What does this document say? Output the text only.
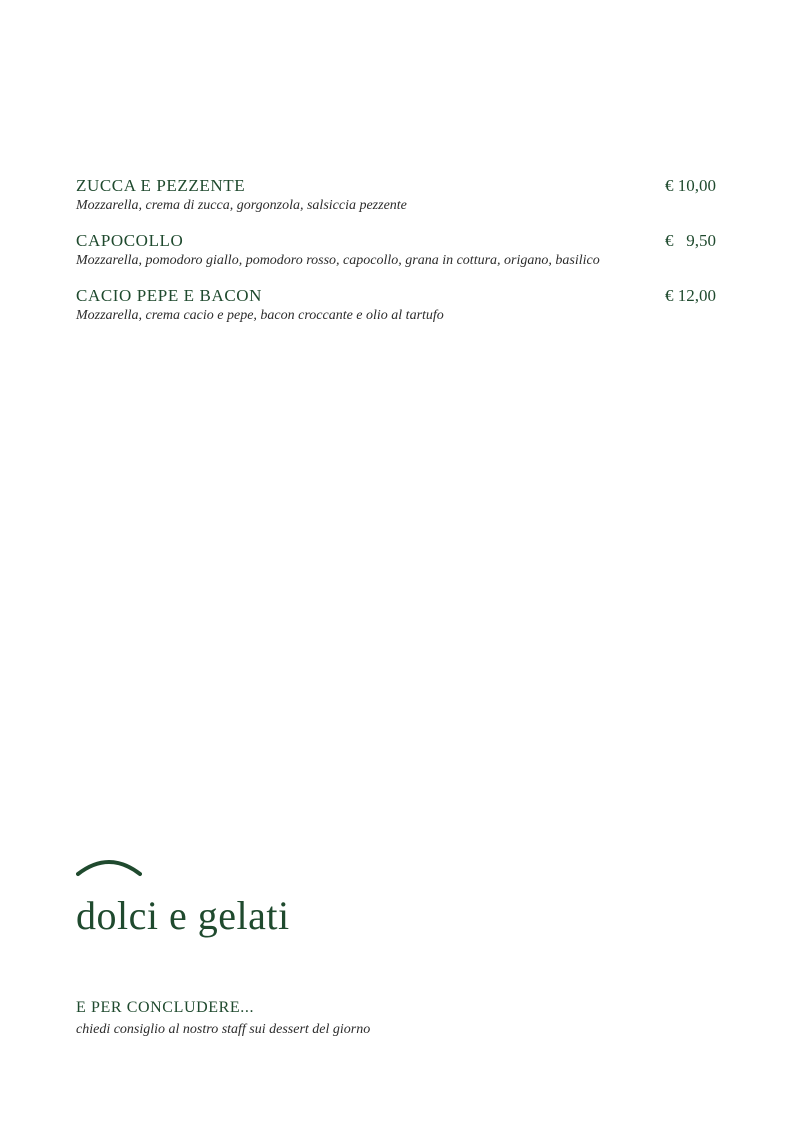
ZUCCA E PEZZENTE	€ 10,00
Mozzarella, crema di zucca, gorgonzola, salsiccia pezzente
CAPOCOLLO	€   9,50
Mozzarella, pomodoro giallo, pomodoro rosso, capocollo, grana in cottura, origano, basilico
CACIO PEPE E BACON	€ 12,00
Mozzarella, crema cacio e pepe, bacon croccante e olio al tartufo
dolci e gelati
E PER CONCLUDERE...
chiedi consiglio al nostro staff sui dessert del giorno
